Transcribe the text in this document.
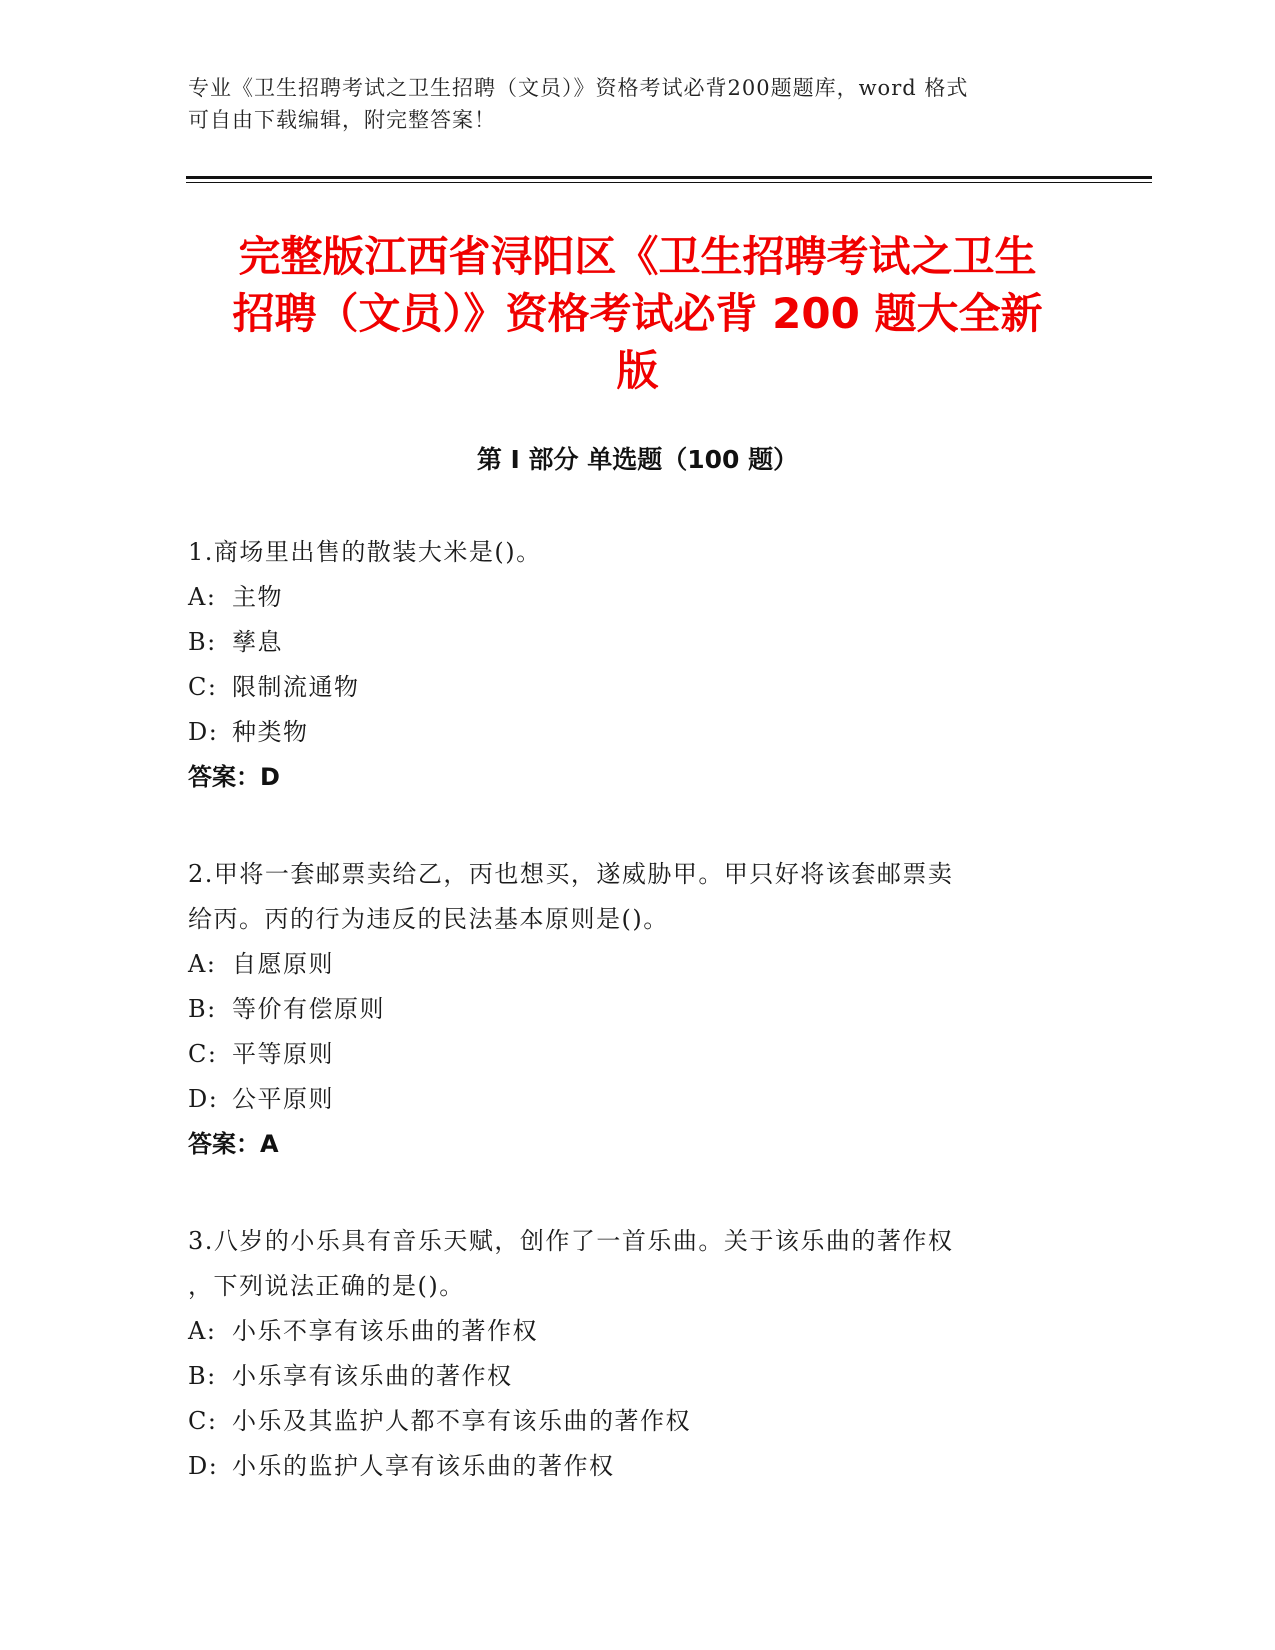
专业《卫生招聘考试之卫生招聘（文员）》资格考试必背200题题库，word 格式
可自由下载编辑，附完整答案！
完整版江西省浔阳区《卫生招聘考试之卫生
招聘（文员）》资格考试必背 200 题大全新
版
第 I 部分 单选题（100 题）
1.商场里出售的散装大米是()。
A: 主物
B: 孳息
C: 限制流通物
D: 种类物
答案：D
2.甲将一套邮票卖给乙，丙也想买，遂威胁甲。甲只好将该套邮票卖
给丙。丙的行为违反的民法基本原则是()。
A: 自愿原则
B: 等价有偿原则
C: 平等原则
D: 公平原则
答案：A
3.八岁的小乐具有音乐天赋，创作了一首乐曲。关于该乐曲的著作权
，下列说法正确的是()。
A: 小乐不享有该乐曲的著作权
B: 小乐享有该乐曲的著作权
C: 小乐及其监护人都不享有该乐曲的著作权
D: 小乐的监护人享有该乐曲的著作权
